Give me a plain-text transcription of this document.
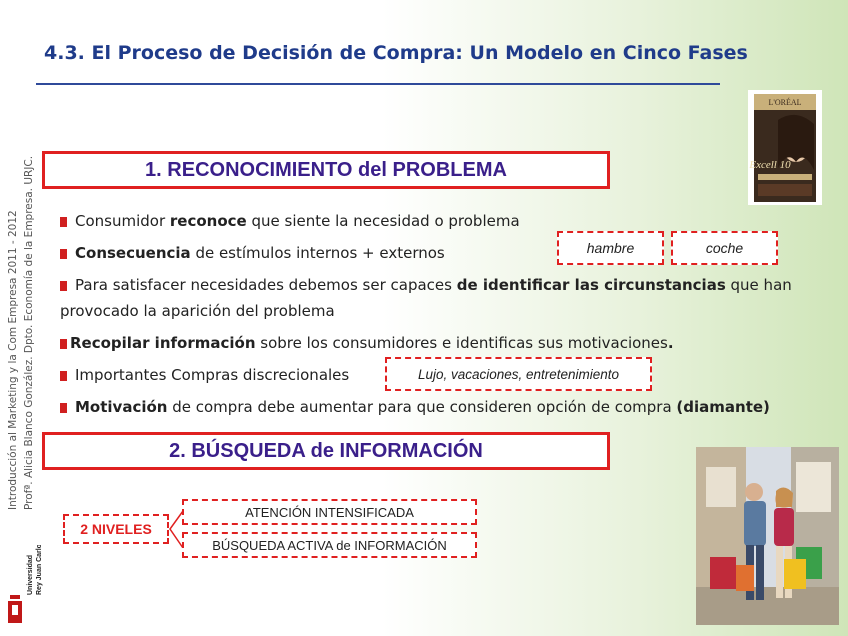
4.3. El Proceso de Decisión de Compra: Un Modelo en Cinco Fases
Introducción al Marketing y la Com Empresa 2011 - 2012 Profª. Alicia Blanco González. Dpto. Economía de la Empresa. URJC.
Universidad Rey Juan Carlos
L'ORÉAL
Excell 10
1. RECONOCIMIENTO del PROBLEMA
Consumidor reconoce que siente la necesidad o problema
Consecuencia de estímulos internos + externos	hambre	coche
Para satisfacer necesidades debemos ser capaces de identificar las circunstancias que han
provocado la aparición del problema
Recopilar información sobre los consumidores e identificas sus motivaciones.
Importantes Compras discrecionales	Lujo, vacaciones, entretenimiento
Motivación de compra debe aumentar para que consideren opción de compra (diamante)
2. BÚSQUEDA de INFORMACIÓN
2 NIVELES
ATENCIÓN INTENSIFICADA
BÚSQUEDA ACTIVA de INFORMACIÓN
